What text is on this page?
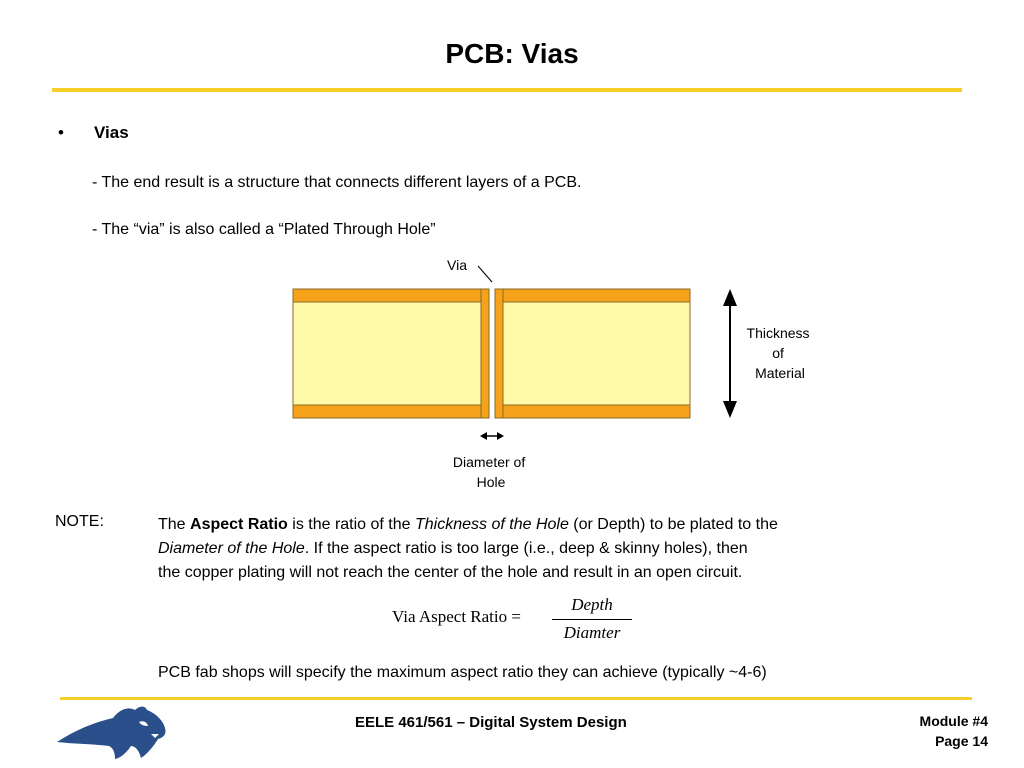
PCB: Vias
• Vias
- The end result is a structure that connects different layers of a PCB.
- The “via” is also called a “Plated Through Hole”
Via
Thickness of Material
Diameter of Hole
NOTE:	The Aspect Ratio is the ratio of the Thickness of the Hole (or Depth) to be plated to the
Diameter of the Hole. If the aspect ratio is too large (i.e., deep & skinny holes), then
the copper plating will not reach the center of the hole and result in an open circuit.
Via Aspect Ratio =
Depth
Diamter
PCB fab shops will specify the maximum aspect ratio they can achieve (typically ~4-6)
EELE 461/561 – Digital System Design	Module #4
Page 14
